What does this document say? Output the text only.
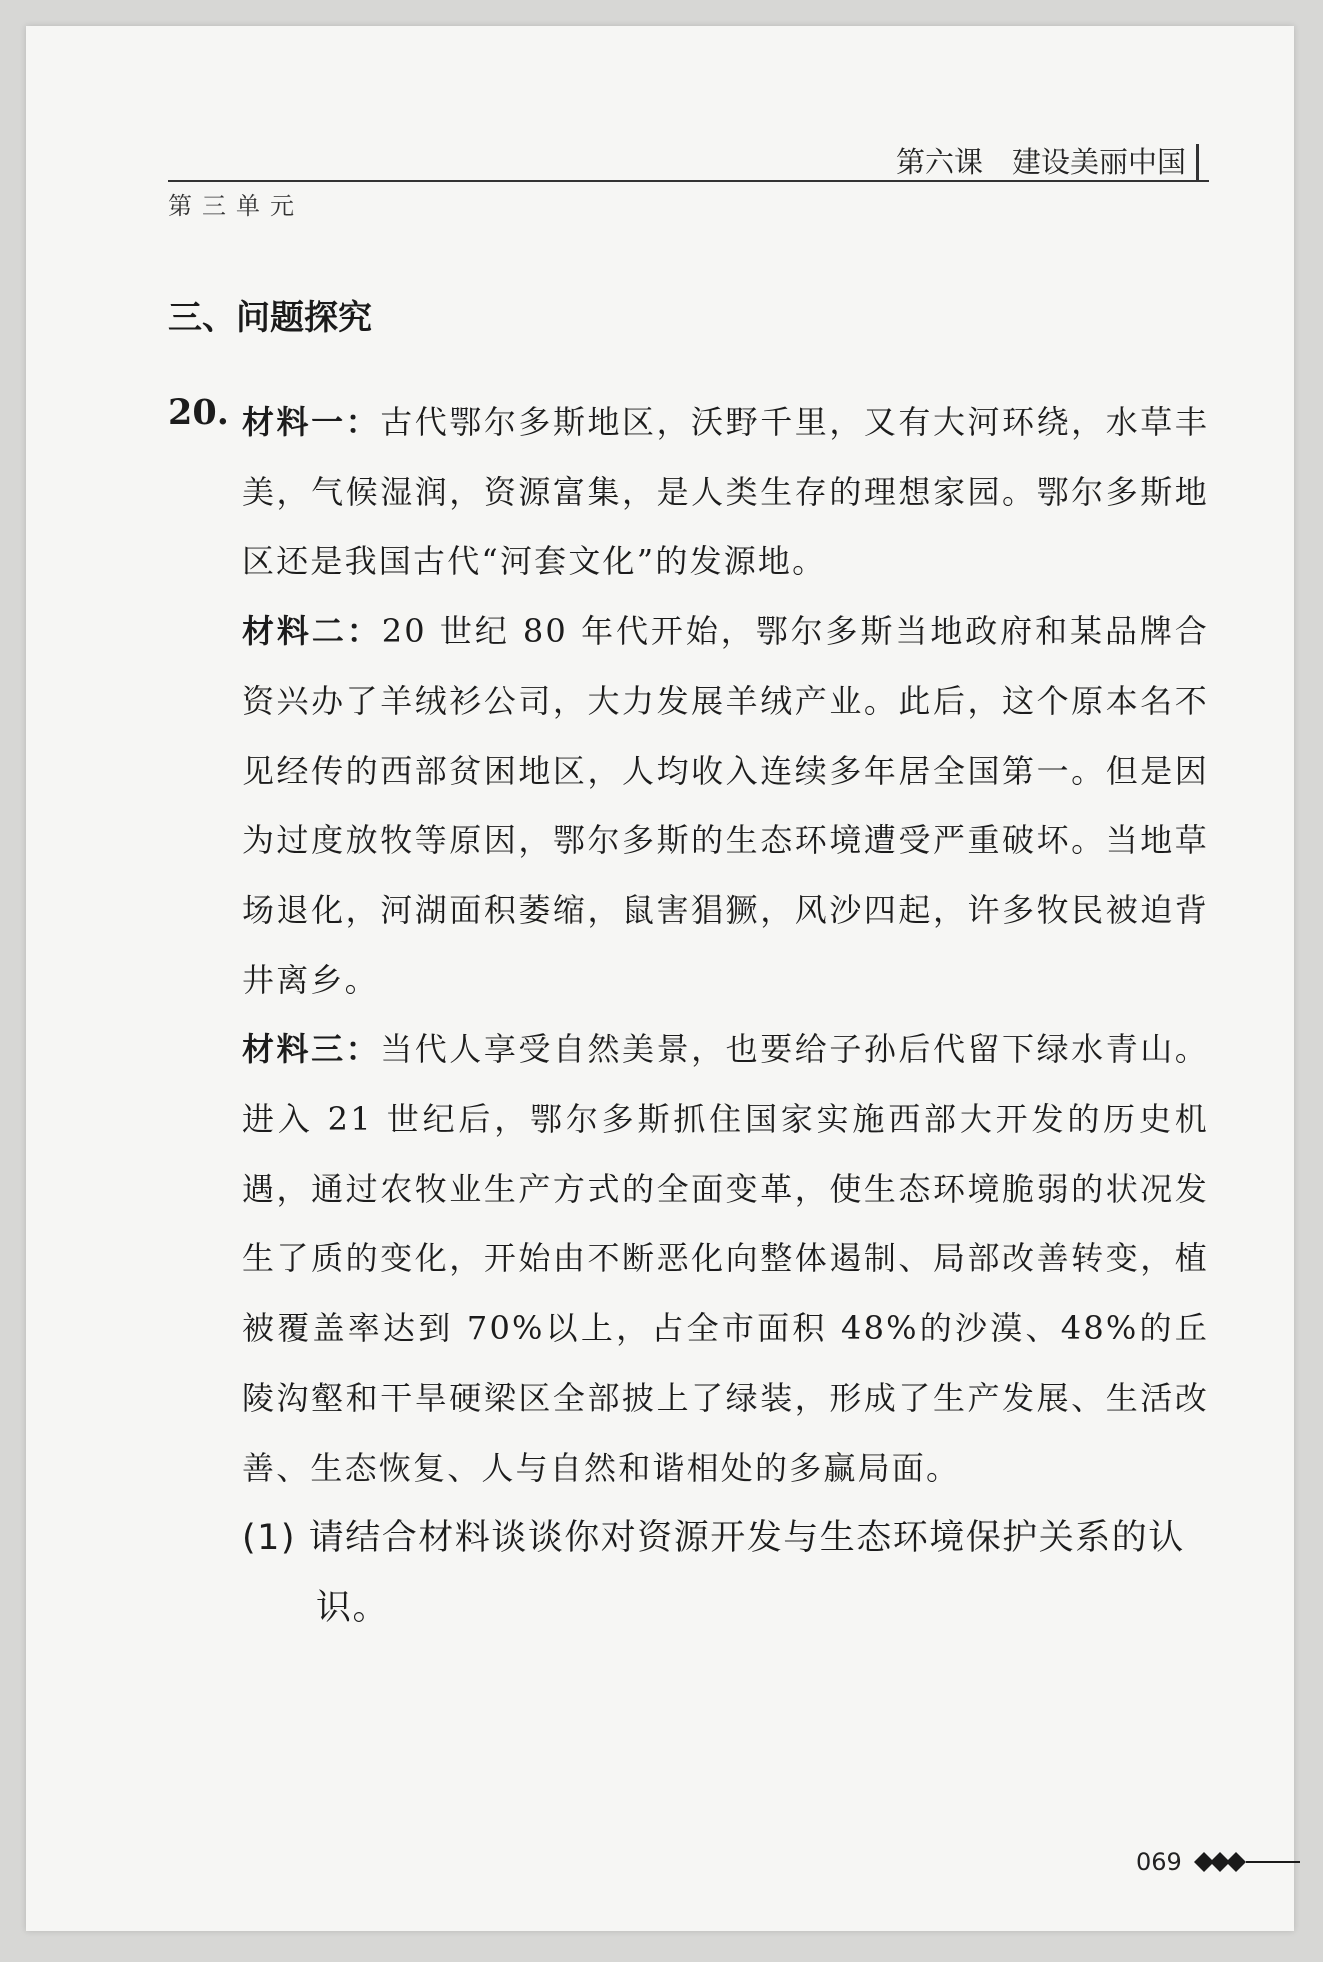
第六课　建设美丽中国
第三单元
三、问题探究
20. 材料一：古代鄂尔多斯地区，沃野千里，又有大河环绕，水草丰美，气候湿润，资源富集，是人类生存的理想家园。鄂尔多斯地区还是我国古代“河套文化”的发源地。

材料二：20 世纪 80 年代开始，鄂尔多斯当地政府和某品牌合资兴办了羊绒衫公司，大力发展羊绒产业。此后，这个原本名不见经传的西部贫困地区，人均收入连续多年居全国第一。但是因为过度放牧等原因，鄂尔多斯的生态环境遭受严重破坏。当地草场退化，河湖面积萎缩，鼠害猖獗，风沙四起，许多牧民被迫背井离乡。

材料三：当代人享受自然美景，也要给子孙后代留下绿水青山。进入 21 世纪后，鄂尔多斯抓住国家实施西部大开发的历史机遇，通过农牧业生产方式的全面变革，使生态环境脆弱的状况发生了质的变化，开始由不断恶化向整体遏制、局部改善转变，植被覆盖率达到 70%以上，占全市面积 48%的沙漠、48%的丘陵沟壑和干旱硬梁区全部披上了绿装，形成了生产发展、生活改善、生态恢复、人与自然和谐相处的多赢局面。

(1) 请结合材料谈谈你对资源开发与生态环境保护关系的认识。
069
